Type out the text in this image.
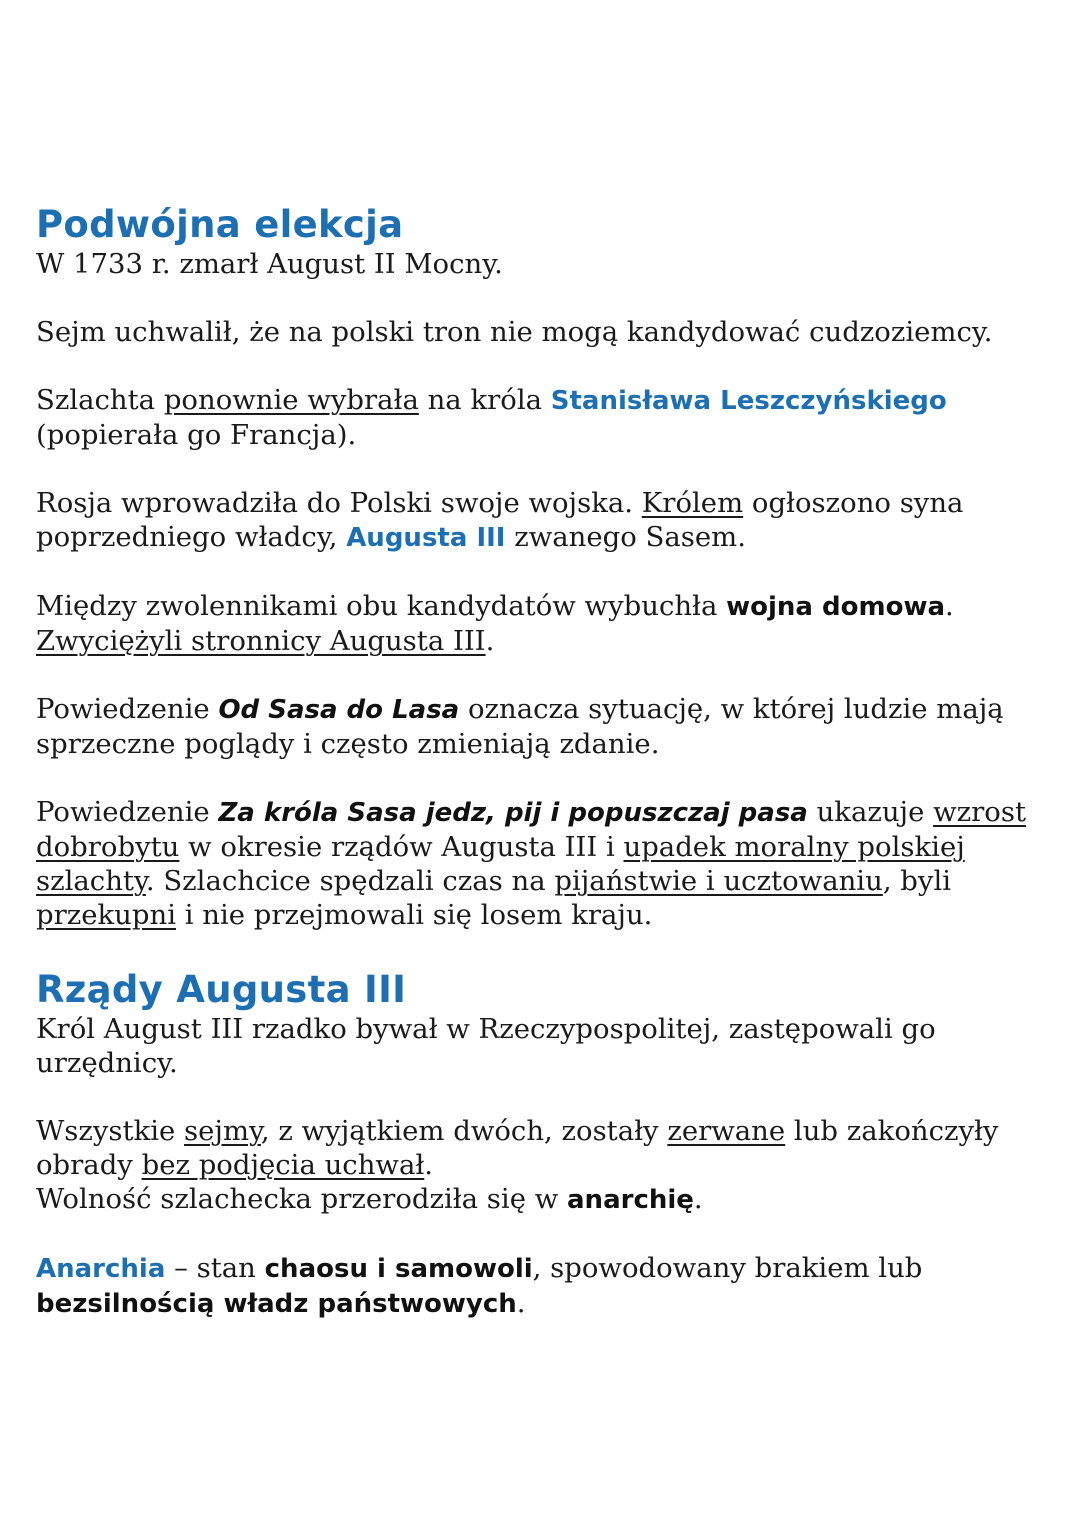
Podwójna elekcja

W 1733 r. zmarł August II Mocny.

Sejm uchwalił, że na polski tron nie mogą kandydować cudzoziemcy.

Szlachta ponownie wybrała na króla Stanisława Leszczyńskiego
(popierała go Francja).

Rosja wprowadziła do Polski swoje wojska. Królem ogłoszono syna poprzedniego władcy, Augusta III zwanego Sasem.

Między zwolennikami obu kandydatów wybuchła wojna domowa.
Zwyciężyli stronnicy Augusta III.

Powiedzenie Od Sasa do Lasa oznacza sytuację, w której ludzie mają sprzeczne poglądy i często zmieniają zdanie.

Powiedzenie Za króla Sasa jedz, pij i popuszczaj pasa ukazuje wzrost dobrobytu w okresie rządów Augusta III i upadek moralny polskiej szlachty. Szlachcice spędzali czas na pijaństwie i ucztowaniu, byli przekupni i nie przejmowali się losem kraju.

Rządy Augusta III

Król August III rzadko bywał w Rzeczypospolitej, zastępowali go urzędnicy.

Wszystkie sejmy, z wyjątkiem dwóch, zostały zerwane lub zakończyły obrady bez podjęcia uchwał.
Wolność szlachecka przerodziła się w anarchię.

Anarchia – stan chaosu i samowoli, spowodowany brakiem lub bezsilnością władz państwowych.
